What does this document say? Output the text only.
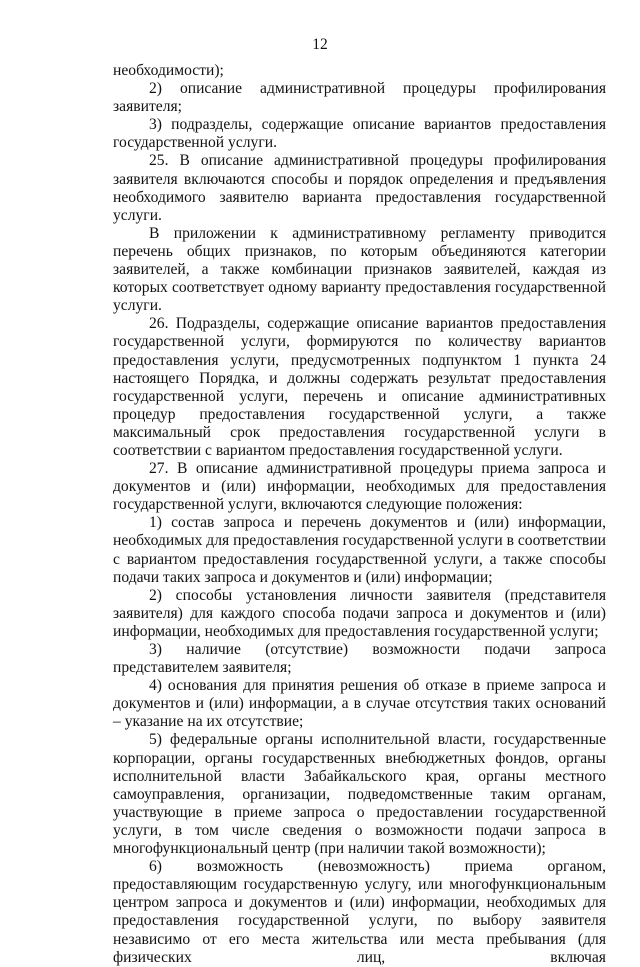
12

необходимости);

2) описание административной процедуры профилирования заявителя;

3) подразделы, содержащие описание вариантов предоставления государственной услуги.

25. В описание административной процедуры профилирования заявителя включаются способы и порядок определения и предъявления необходимого заявителю варианта предоставления государственной услуги.

В приложении к административному регламенту приводится перечень общих признаков, по которым объединяются категории заявителей, а также комбинации признаков заявителей, каждая из которых соответствует одному варианту предоставления государственной услуги.

26. Подразделы, содержащие описание вариантов предоставления государственной услуги, формируются по количеству вариантов предоставления услуги, предусмотренных подпунктом 1 пункта 24 настоящего Порядка, и должны содержать результат предоставления государственной услуги, перечень и описание административных процедур предоставления государственной услуги, а также максимальный срок предоставления государственной услуги в соответствии с вариантом предоставления государственной услуги.

27. В описание административной процедуры приема запроса и документов и (или) информации, необходимых для предоставления государственной услуги, включаются следующие положения:

1) состав запроса и перечень документов и (или) информации, необходимых для предоставления государственной услуги в соответствии с вариантом предоставления государственной услуги, а также способы подачи таких запроса и документов и (или) информации;

2) способы установления личности заявителя (представителя заявителя) для каждого способа подачи запроса и документов и (или) информации, необходимых для предоставления государственной услуги;

3) наличие (отсутствие) возможности подачи запроса представителем заявителя;

4) основания для принятия решения об отказе в приеме запроса и документов и (или) информации, а в случае отсутствия таких оснований – указание на их отсутствие;

5) федеральные органы исполнительной власти, государственные корпорации, органы государственных внебюджетных фондов, органы исполнительной власти Забайкальского края, органы местного самоуправления, организации, подведомственные таким органам, участвующие в приеме запроса о предоставлении государственной услуги, в том числе сведения о возможности подачи запроса в многофункциональный центр (при наличии такой возможности);

6) возможность (невозможность) приема органом, предоставляющим государственную услугу, или многофункциональным центром запроса и документов и (или) информации, необходимых для предоставления государственной услуги, по выбору заявителя независимо от его места жительства или места пребывания (для физических лиц, включая
